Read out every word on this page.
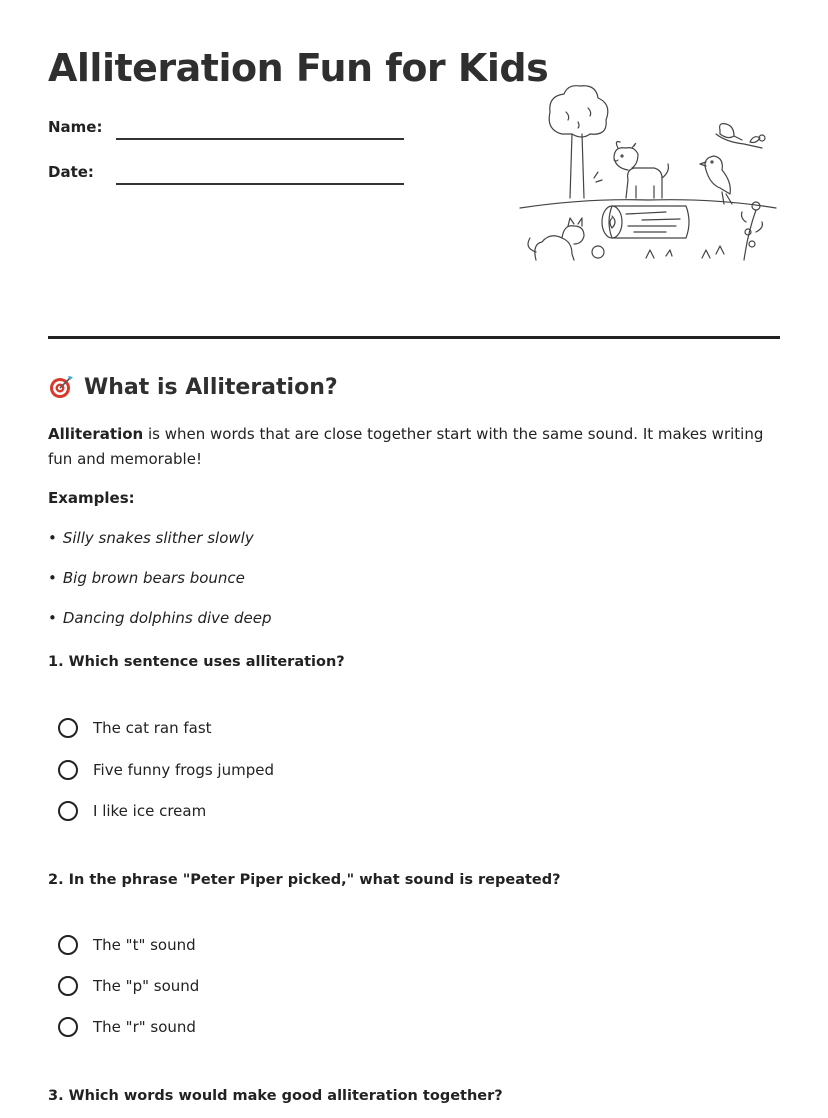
Alliteration Fun for Kids
Name:
Date:
What is Alliteration?

Alliteration is when words that are close together start with the same sound. It makes writing fun and memorable!

Examples:
• Silly snakes slither slowly
• Big brown bears bounce
• Dancing dolphins dive deep
1. Which sentence uses alliteration?
The cat ran fast
Five funny frogs jumped
I like ice cream
2. In the phrase "Peter Piper picked," what sound is repeated?
The "t" sound
The "p" sound
The "r" sound
3. Which words would make good alliteration together?
